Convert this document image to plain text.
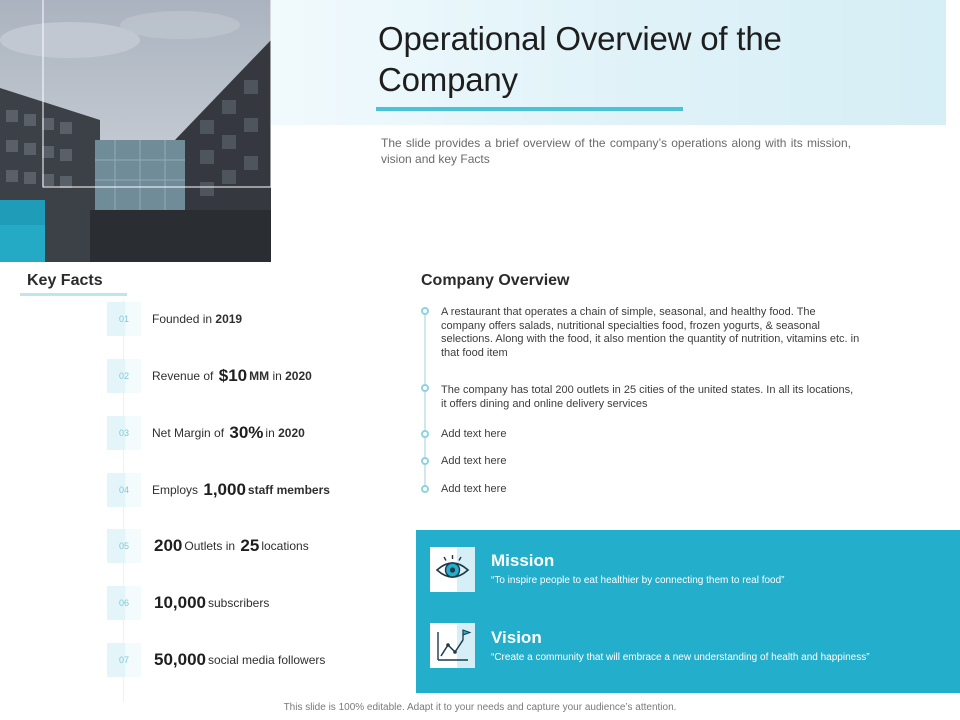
Operational Overview of the Company

The slide provides a brief overview of the company’s operations along with its mission, vision and key Facts

Key Facts
01	Founded in 2019
02	Revenue of $10 MM in 2020
03	Net Margin of 30% in 2020
04	Employs 1,000 staff members
05	200 Outlets in 25 locations
06	10,000 subscribers
07	50,000 social media followers
Company Overview

A restaurant that operates a chain of simple, seasonal, and healthy food. The company offers salads, nutritional specialties food, frozen yogurts, & seasonal selections. Along with the food, it also mention the quantity of nutrition, vitamins etc. in that food item

The company has total 200 outlets in 25 cities of the united states. In all its locations, it offers dining and online delivery services

Add text here

Add text here

Add text here

Mission
“To inspire people to eat healthier by connecting them to real food”
Vision
“Create a community that will embrace a new understanding of health and happiness”
This slide is 100% editable. Adapt it to your needs and capture your audience’s attention.
